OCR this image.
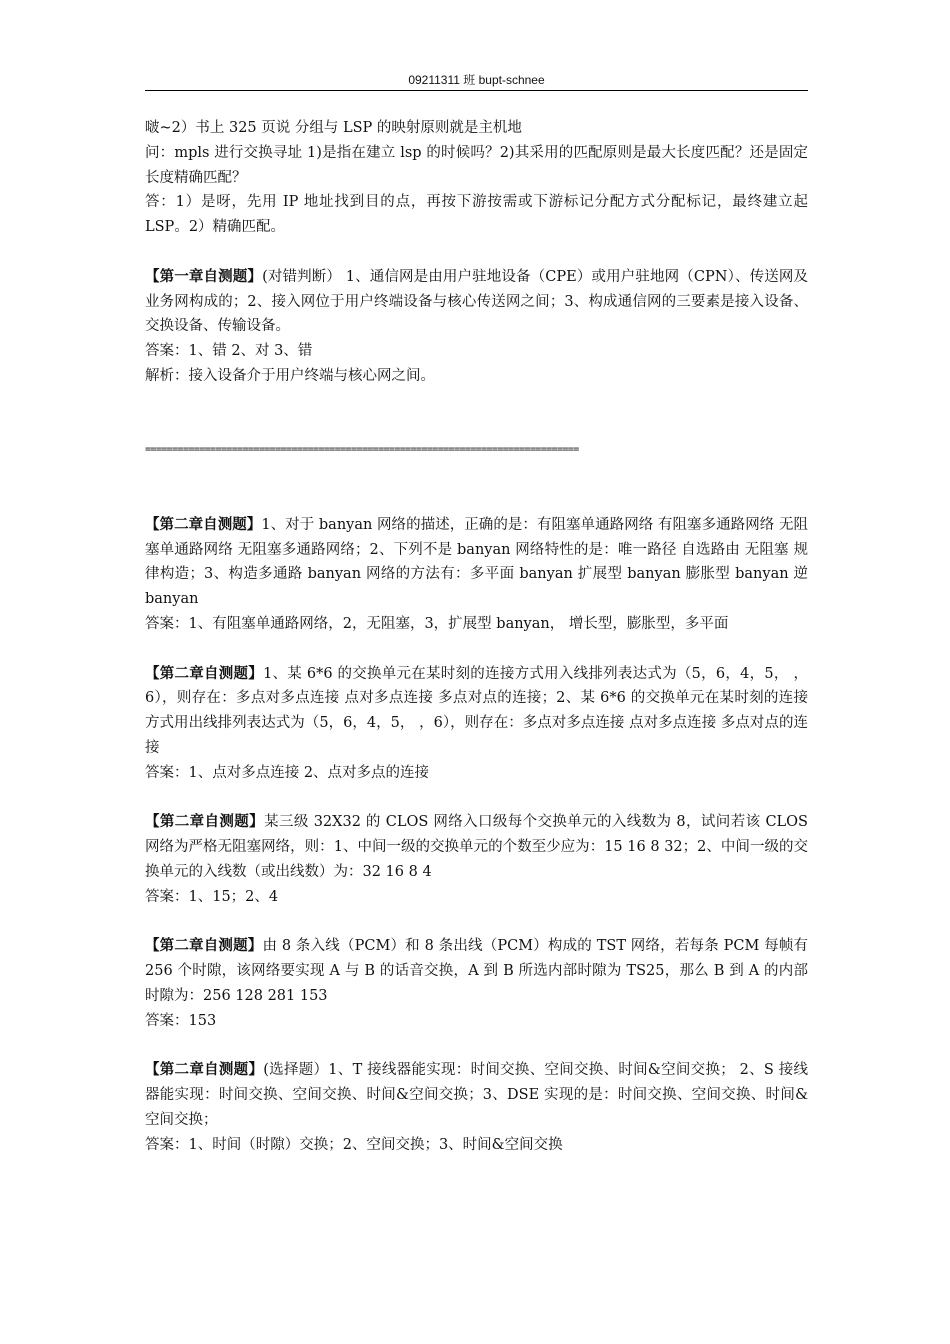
09211311 班 bupt-schnee

啵~2）书上 325 页说 分组与 LSP 的映射原则就是主机地

问：mpls 进行交换寻址 1)是指在建立 lsp 的时候吗？2)其采用的匹配原则是最大长度匹配？还是固定长度精确匹配？

答：1）是呀，先用 IP 地址找到目的点，再按下游按需或下游标记分配方式分配标记，最终建立起 LSP。2）精确匹配。

【第一章自测题】(对错判断） 1、通信网是由用户驻地设备（CPE）或用户驻地网（CPN）、传送网及业务网构成的；2、接入网位于用户终端设备与核心传送网之间；3、构成通信网的三要素是接入设备、交换设备、传输设备。

答案：1、错 2、对 3、错

解析：接入设备介于用户终端与核心网之间。

================================================================================

【第二章自测题】1、对于 banyan 网络的描述，正确的是：有阻塞单通路网络 有阻塞多通路网络 无阻塞单通路网络 无阻塞多通路网络；2、下列不是 banyan 网络特性的是：唯一路径 自选路由 无阻塞 规律构造；3、构造多通路 banyan 网络的方法有：多平面 banyan 扩展型 banyan 膨胀型 banyan 逆 banyan

答案：1、有阻塞单通路网络，2，无阻塞，3，扩展型 banyan， 增长型，膨胀型，多平面

【第二章自测题】1、某 6*6 的交换单元在某时刻的连接方式用入线排列表达式为（5，6，4，5， ，6），则存在：多点对多点连接 点对多点连接 多点对点的连接；2、某 6*6 的交换单元在某时刻的连接方式用出线排列表达式为（5，6，4，5， ，6），则存在：多点对多点连接 点对多点连接 多点对点的连接

答案：1、点对多点连接 2、点对多点的连接

【第二章自测题】某三级 32X32 的 CLOS 网络入口级每个交换单元的入线数为 8，试问若该 CLOS 网络为严格无阻塞网络，则：1、中间一级的交换单元的个数至少应为：15 16 8 32；2、中间一级的交换单元的入线数（或出线数）为：32 16 8 4

答案：1、15；2、4

【第二章自测题】由 8 条入线（PCM）和 8 条出线（PCM）构成的 TST 网络，若每条 PCM 每帧有 256 个时隙，该网络要实现 A 与 B 的话音交换，A 到 B 所选内部时隙为 TS25，那么 B 到 A 的内部时隙为：256 128 281 153

答案：153

【第二章自测题】(选择题）1、T 接线器能实现：时间交换、空间交换、时间&空间交换； 2、S 接线器能实现：时间交换、空间交换、时间&空间交换；3、DSE 实现的是：时间交换、空间交换、时间&空间交换；

答案：1、时间（时隙）交换；2、空间交换；3、时间&空间交换
